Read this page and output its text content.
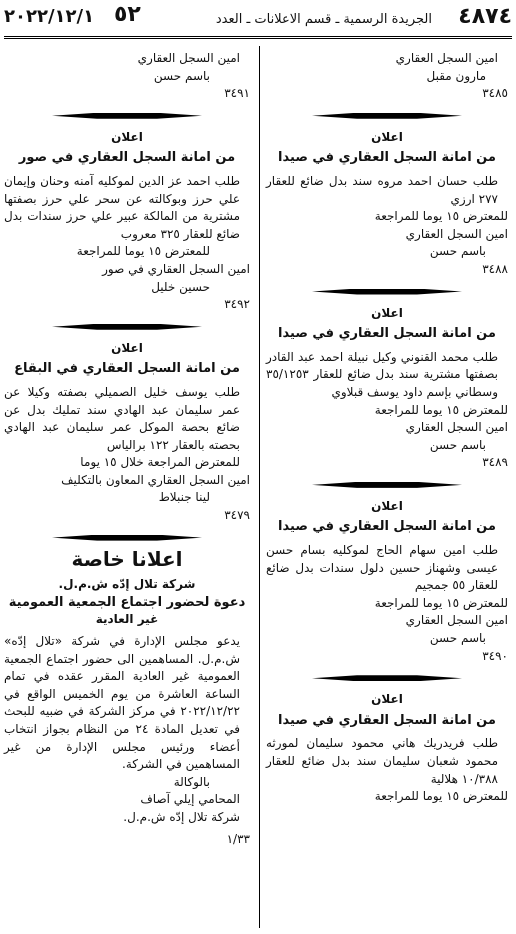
٤٨٧٤
الجريدة الرسمية ـ قسم الاعلانات ـ العدد
٥٢
٢٠٢٢/١٢/١

امين السجل العقاري

مارون مقبل

٣٤٨٥

اعلان
من امانة السجل العقاري في صيدا

طلب حسان احمد مروه سند بدل ضائع للعقار ٢٧٧ ارزي

للمعترض ١٥ يوما للمراجعة

امين السجل العقاري

باسم حسن

٣٤٨٨

اعلان
من امانة السجل العقاري في صيدا

طلب محمد القنوني وكيل نبيلة احمد عبد القادر بصفتها مشترية سند بدل ضائع للعقار ٣٥/١٢٥٣ وسطاني بإسم داود يوسف قبلاوي

للمعترض ١٥ يوما للمراجعة

امين السجل العقاري

باسم حسن

٣٤٨٩

اعلان
من امانة السجل العقاري في صيدا

طلب امين سهام الحاج لموكليه بسام حسن عيسى وشهناز حسين دلول سندات بدل ضائع للعقار ٥٥ جمجيم

للمعترض ١٥ يوما للمراجعة

امين السجل العقاري

باسم حسن

٣٤٩٠

اعلان
من امانة السجل العقاري في صيدا

طلب فريدريك هاني محمود سليمان لمورثه محمود شعبان سليمان سند بدل ضائع للعقار ١٠/٣٨٨ هلالية

للمعترض ١٥ يوما للمراجعة

امين السجل العقاري

باسم حسن

٣٤٩١

اعلان
من امانة السجل العقاري في صور

طلب احمد عز الدين لموكليه آمنه وحنان وإيمان علي حرز وبوكالته عن سحر علي حرز بصفتها مشترية من المالكة عبير علي حرز سندات بدل ضائع للعقار ٣٢٥ معروب

للمعترض ١٥ يوما للمراجعة

امين السجل العقاري في صور

حسين خليل

٣٤٩٢

اعلان
من امانة السجل العقاري في البقاع

طلب يوسف خليل الصميلي بصفته وكيلا عن عمر سليمان عبد الهادي سند تمليك بدل عن ضائع بحصة الموكل عمر سليمان عبد الهادي بحصته بالعقار ١٢٢ برالياس

للمعترض المراجعة خلال ١٥ يوما

امين السجل العقاري المعاون بالتكليف

لينا جنبلاط

٣٤٧٩

اعلانا خاصة
شركة تلال إدّه ش.م.ل.
دعوة لحضور اجتماع الجمعية العمومية
غير العادية

يدعو مجلس الإدارة في شركة «تلال إدّه» ش.م.ل. المساهمين الى حضور اجتماع الجمعية العمومية غير العادية المقرر عقده في تمام الساعة العاشرة من يوم الخميس الواقع في ٢٠٢٢/١٢/٢٢ في مركز الشركة في ضبيه للبحث في تعديل المادة ٢٤ من النظام بجواز انتخاب أعضاء ورئيس مجلس الإدارة من غير المساهمين في الشركة.

بالوكالة

المحامي إيلي آصاف

شركة تلال إدّه ش.م.ل.

١/٣٣
